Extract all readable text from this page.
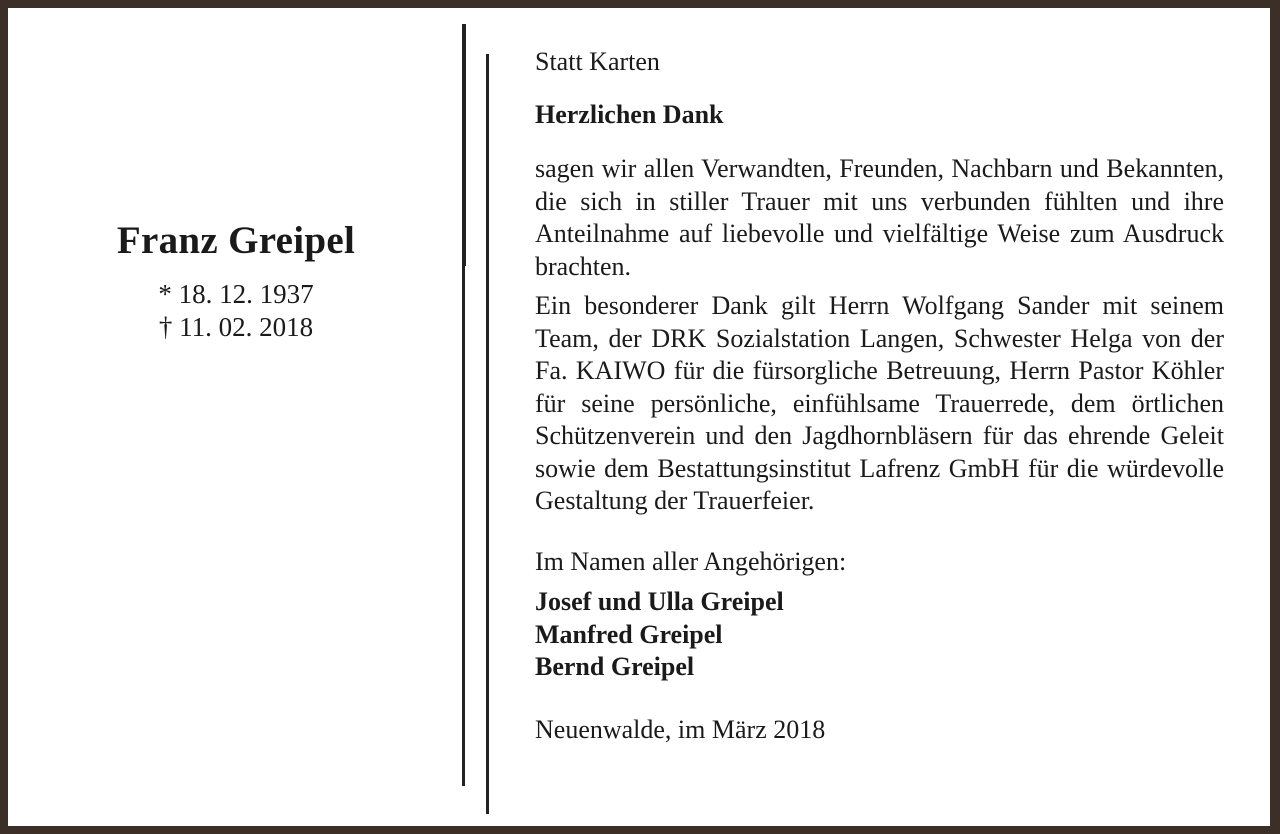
Franz Greipel
* 18. 12. 1937
† 11. 02. 2018

Statt Karten

Herzlichen Dank

sagen wir allen Verwandten, Freunden, Nachbarn und Bekannten, die sich in stiller Trauer mit uns verbunden fühlten und ihre Anteilnahme auf liebevolle und vielfältige Weise zum Ausdruck brachten.

Ein besonderer Dank gilt Herrn Wolfgang Sander mit seinem Team, der DRK Sozialstation Langen, Schwester Helga von der Fa. KAIWO für die fürsorgliche Betreuung, Herrn Pastor Köhler für seine persönliche, einfühlsame Trauerrede, dem örtlichen Schützenverein und den Jagdhornbläsern für das ehrende Geleit sowie dem Bestattungsinstitut Lafrenz GmbH für die würdevolle Gestaltung der Trauerfeier.

Im Namen aller Angehörigen:

Josef und Ulla Greipel

Manfred Greipel

Bernd Greipel

Neuenwalde, im März 2018
